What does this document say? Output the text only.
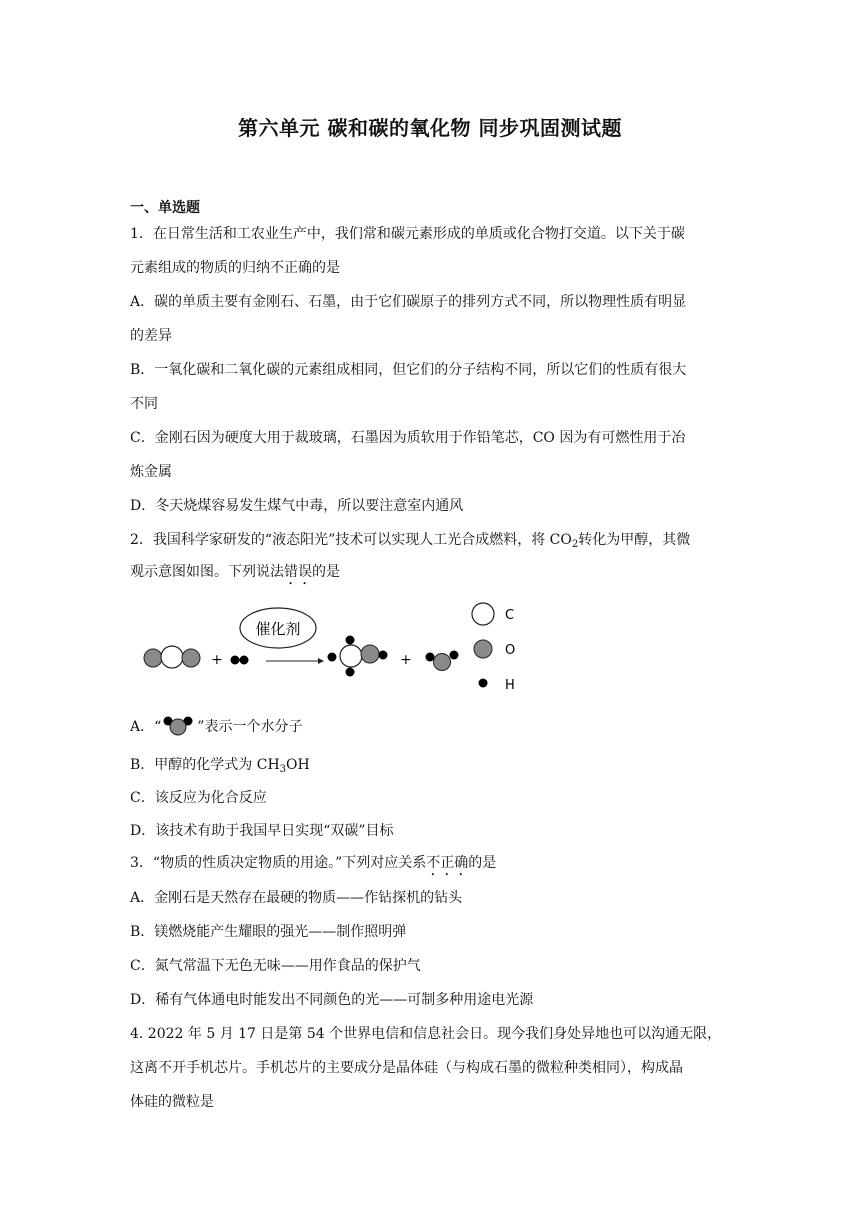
第六单元 碳和碳的氧化物 同步巩固测试题
一、单选题
1．在日常生活和工农业生产中，我们常和碳元素形成的单质或化合物打交道。以下关于碳
元素组成的物质的归纳不正确的是
A．碳的单质主要有金刚石、石墨，由于它们碳原子的排列方式不同，所以物理性质有明显
的差异
B．一氧化碳和二氧化碳的元素组成相同，但它们的分子结构不同，所以它们的性质有很大
不同
C．金刚石因为硬度大用于裁玻璃，石墨因为质软用于作铅笔芯，CO 因为有可燃性用于冶
炼金属
D．冬天烧煤容易发生煤气中毒，所以要注意室内通风
2．我国科学家研发的“液态阳光”技术可以实现人工光合成燃料，将 $CO_2$转化为甲醇，其微
观示意图如图。下列说法错误的是
+
催化剂
+
C
O
H
A．“	”表示一个水分子
B．甲醇的化学式为 $CH_3OH$
C．该反应为化合反应
D．该技术有助于我国早日实现“双碳”目标
3．“物质的性质决定物质的用途。”下列对应关系不正确的是
A．金刚石是天然存在最硬的物质——作钻探机的钻头
B．镁燃烧能产生耀眼的强光——制作照明弹
C．氮气常温下无色无味——用作食品的保护气
D．稀有气体通电时能发出不同颜色的光——可制多种用途电光源
4. 2022 年 5 月 17 日是第 54 个世界电信和信息社会日。现今我们身处异地也可以沟通无限，
这离不开手机芯片。手机芯片的主要成分是晶体硅（与构成石墨的微粒种类相同），构成晶
体硅的微粒是
